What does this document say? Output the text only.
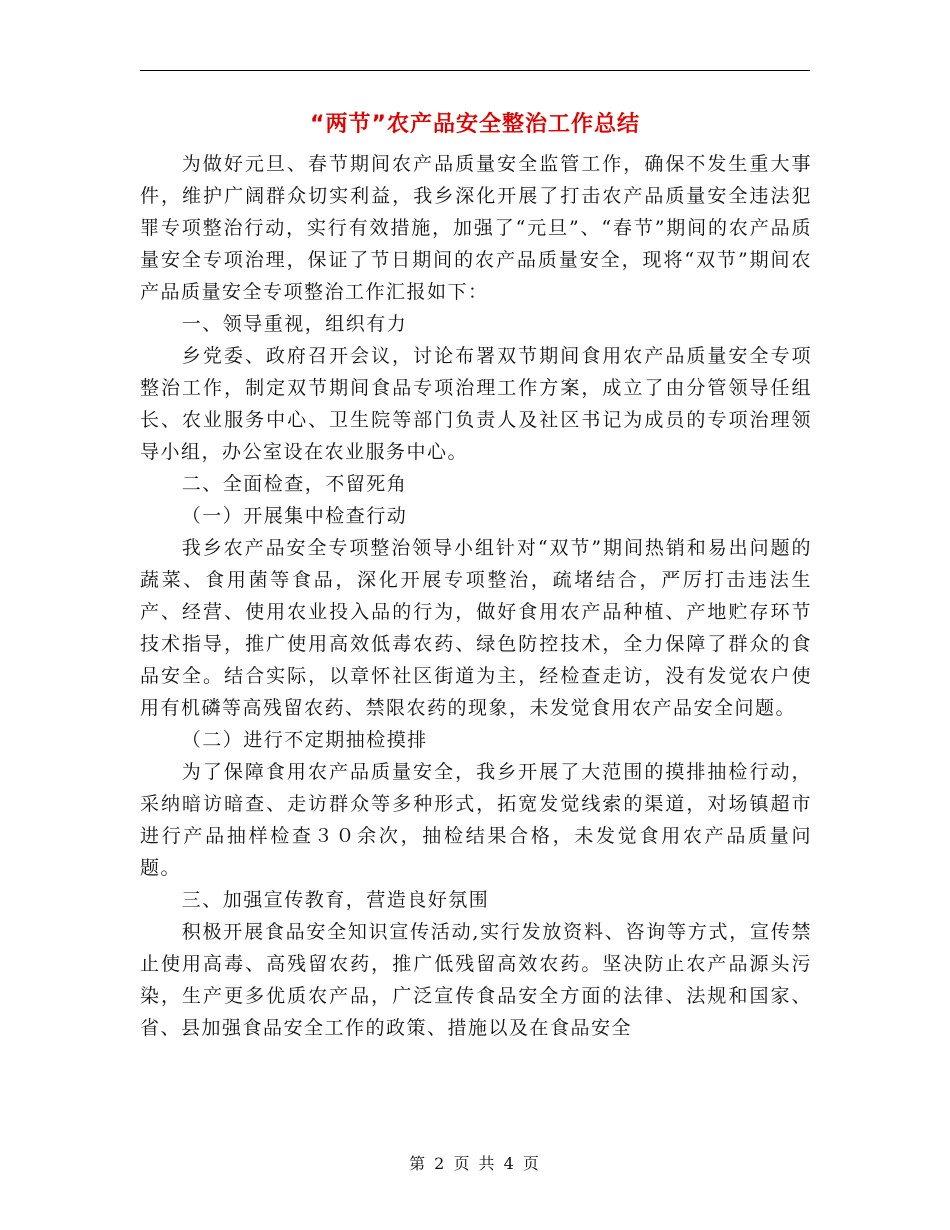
“两节”农产品安全整治工作总结

为做好元旦、春节期间农产品质量安全监管工作，确保不发生重大事件，维护广阔群众切实利益，我乡深化开展了打击农产品质量安全违法犯罪专项整治行动，实行有效措施，加强了“元旦”、“春节”期间的农产品质量安全专项治理，保证了节日期间的农产品质量安全，现将“双节”期间农产品质量安全专项整治工作汇报如下：

一、领导重视，组织有力

乡党委、政府召开会议，讨论布署双节期间食用农产品质量安全专项整治工作，制定双节期间食品专项治理工作方案，成立了由分管领导任组长、农业服务中心、卫生院等部门负责人及社区书记为成员的专项治理领导小组，办公室设在农业服务中心。

二、全面检查，不留死角

（一）开展集中检查行动

我乡农产品安全专项整治领导小组针对“双节”期间热销和易出问题的蔬菜、食用菌等食品，深化开展专项整治，疏堵结合，严厉打击违法生产、经营、使用农业投入品的行为，做好食用农产品种植、产地贮存环节技术指导，推广使用高效低毒农药、绿色防控技术，全力保障了群众的食品安全。结合实际，以章怀社区街道为主，经检查走访，没有发觉农户使用有机磷等高残留农药、禁限农药的现象，未发觉食用农产品安全问题。

（二）进行不定期抽检摸排

为了保障食用农产品质量安全，我乡开展了大范围的摸排抽检行动，采纳暗访暗查、走访群众等多种形式，拓宽发觉线索的渠道，对场镇超市进行产品抽样检查３０余次，抽检结果合格，未发觉食用农产品质量问题。

三、加强宣传教育，营造良好氛围

积极开展食品安全知识宣传活动,实行发放资料、咨询等方式，宣传禁止使用高毒、高残留农药，推广低残留高效农药。坚决防止农产品源头污染，生产更多优质农产品，广泛宣传食品安全方面的法律、法规和国家、省、县加强食品安全工作的政策、措施以及在食品安全

第 2 页 共 4 页
